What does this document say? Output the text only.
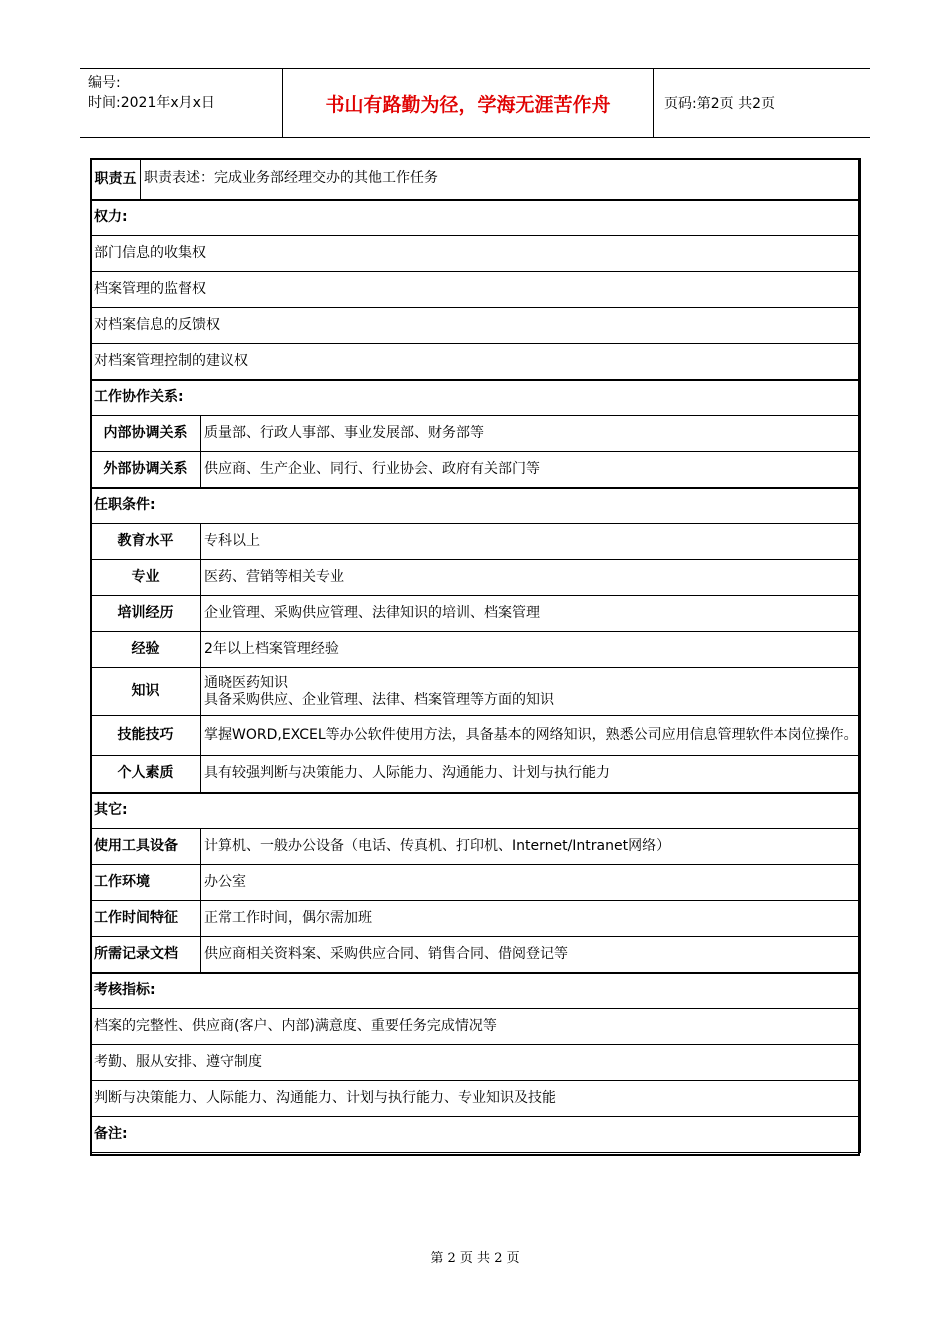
编号:
时间:2021年x月x日	书山有路勤为径，学海无涯苦作舟	页码:第2页 共2页
职责五	职责表述：完成业务部经理交办的其他工作任务	
权力:		
部门信息的收集权		
档案管理的监督权		
对档案信息的反馈权		
对档案管理控制的建议权		
工作协作关系:		
内部协调关系		质量部、行政人事部、事业发展部、财务部等
外部协调关系		供应商、生产企业、同行、行业协会、政府有关部门等
任职条件:		
教育水平		专科以上
专业		医药、营销等相关专业
培训经历		企业管理、采购供应管理、法律知识的培训、档案管理
经验		2年以上档案管理经验
知识		通晓医药知识
具备采购供应、企业管理、法律、档案管理等方面的知识

技能技巧		掌握WORD,EXCEL等办公软件使用方法，具备基本的网络知识，熟悉公司应用信息管理软件本岗位操作。
个人素质		具有较强判断与决策能力、人际能力、沟通能力、计划与执行能力
其它:		
使用工具设备		计算机、一般办公设备（电话、传真机、打印机、Internet/Intranet网络）
工作环境		办公室
工作时间特征		正常工作时间，偶尔需加班
所需记录文档		供应商相关资料案、采购供应合同、销售合同、借阅登记等
考核指标:		
档案的完整性、供应商(客户、内部)满意度、重要任务完成情况等		
考勤、服从安排、遵守制度		
判断与决策能力、人际能力、沟通能力、计划与执行能力、专业知识及技能		
备注:		
第 2 页 共 2 页
